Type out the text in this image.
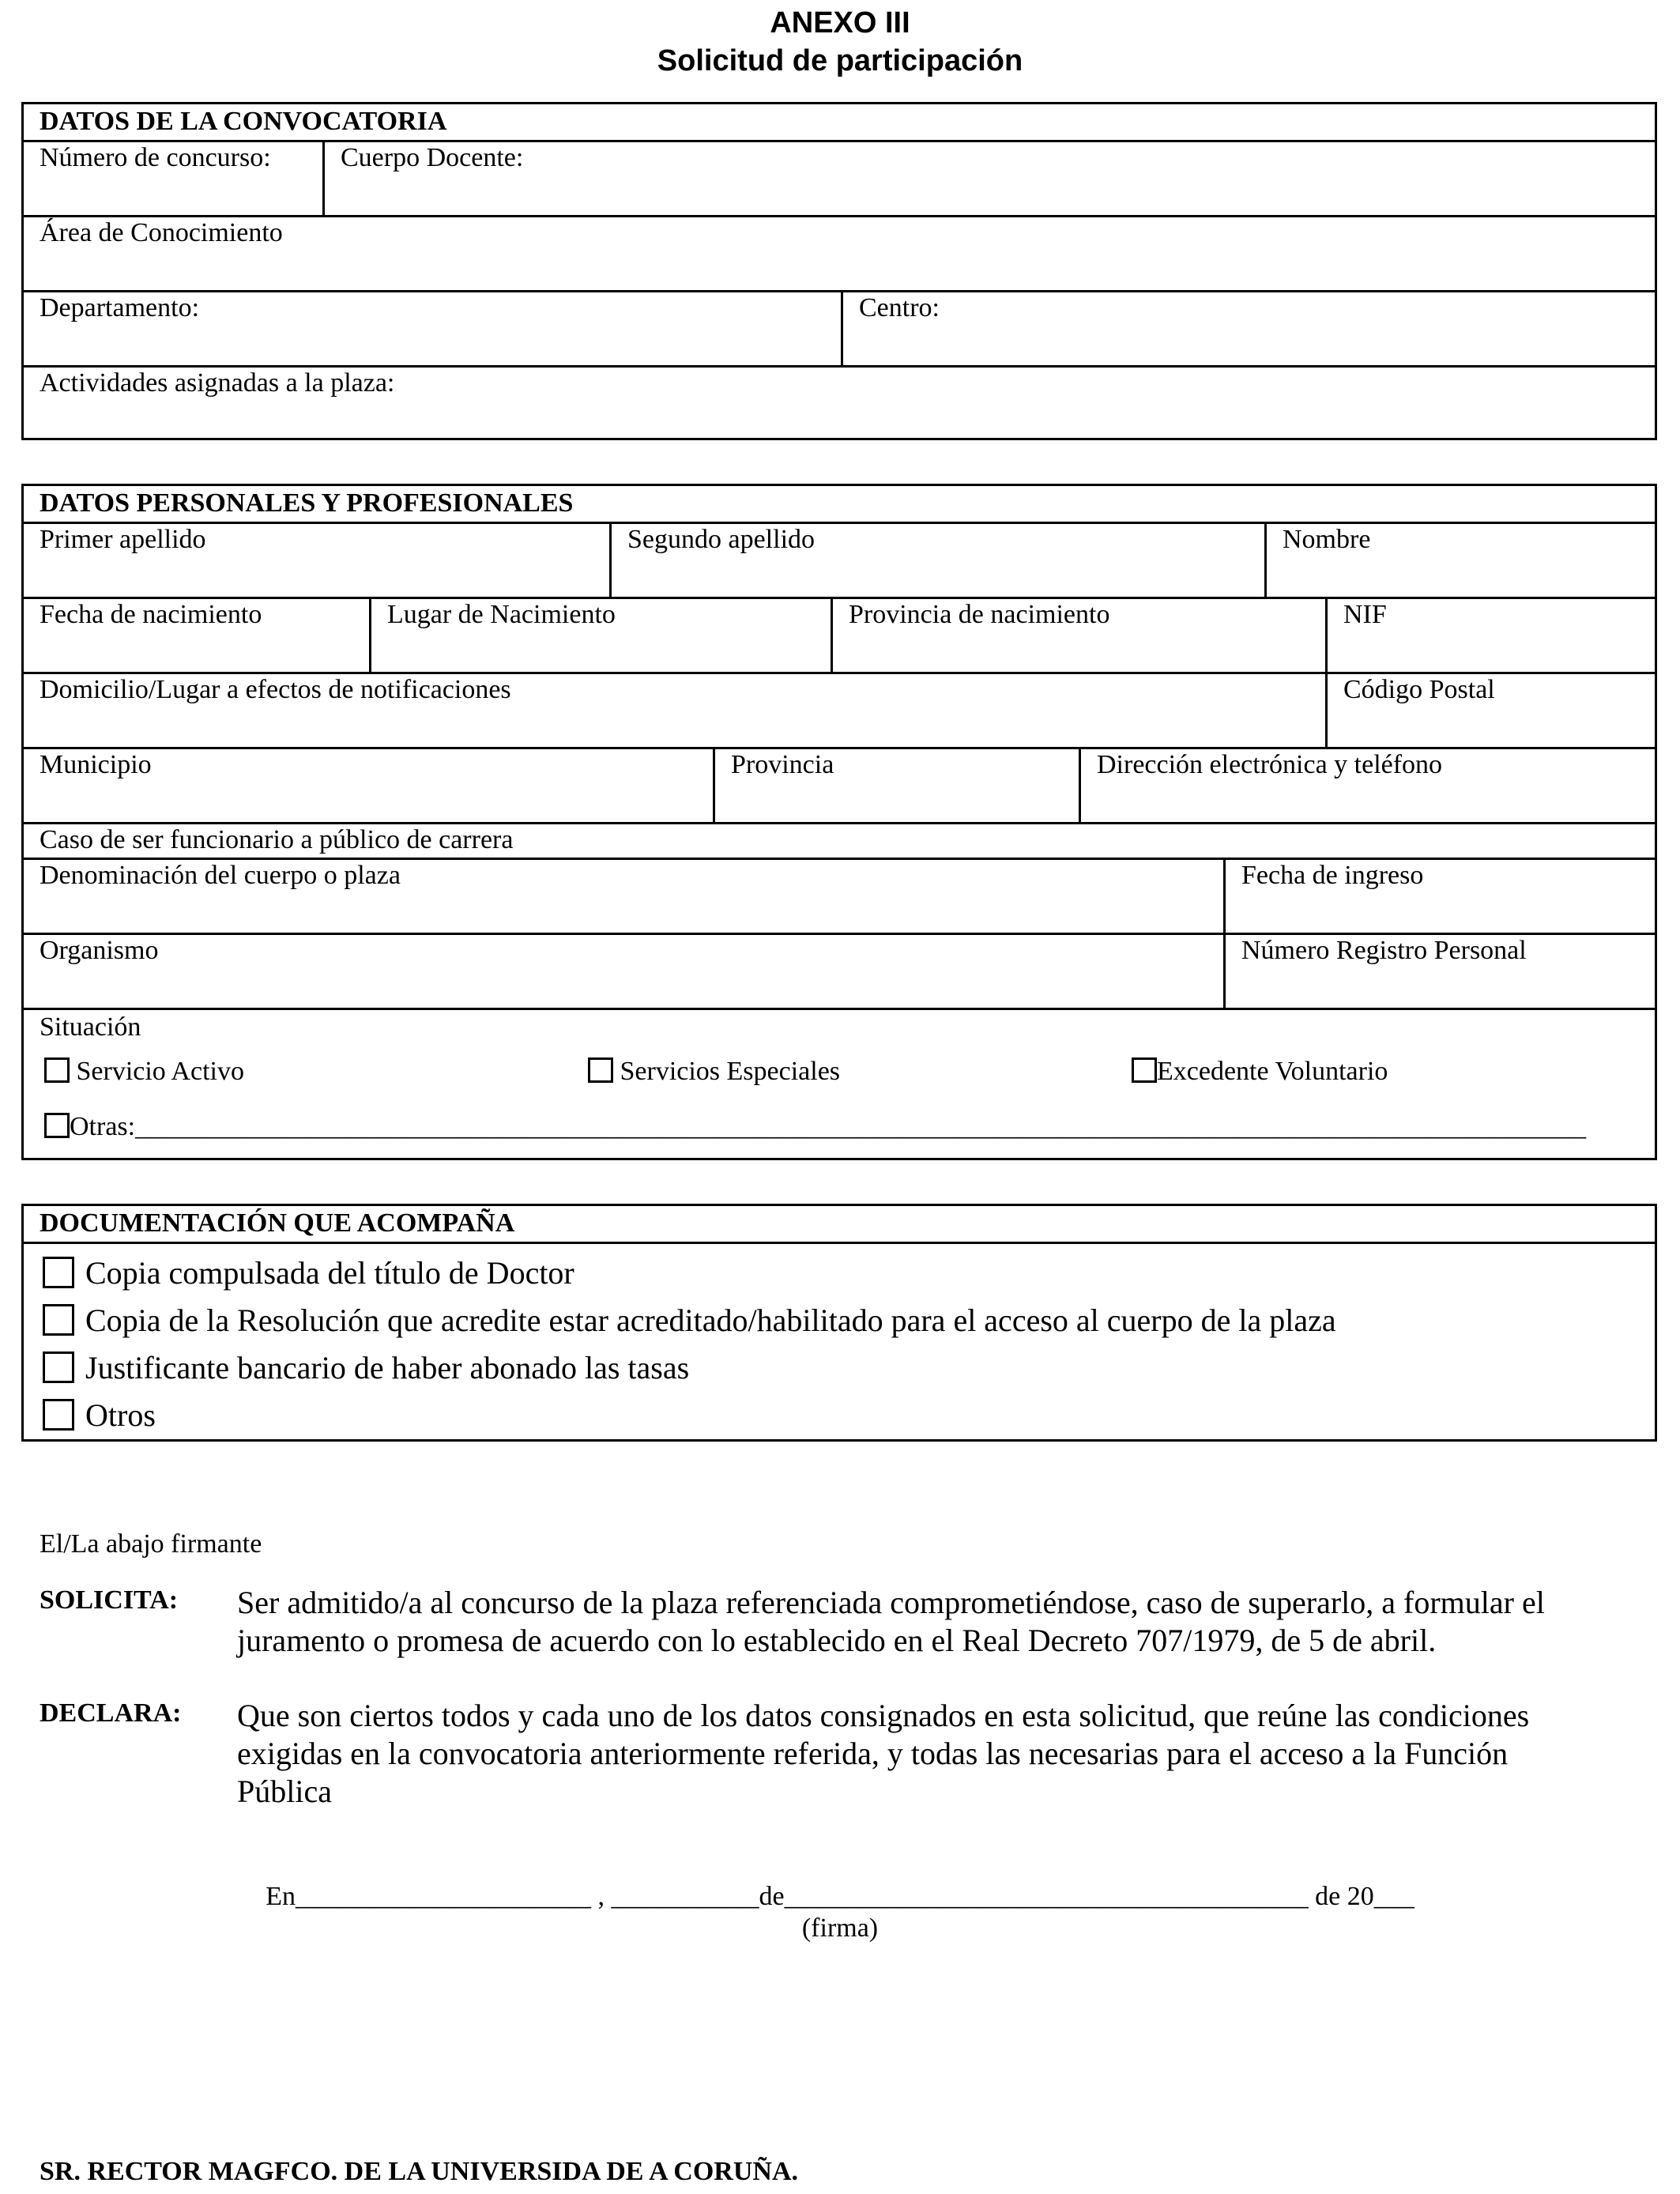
ANEXO III
Solicitud de participación
DATOS DE LA CONVOCATORIA
Número de concurso:	Cuerpo Docente:
Área de Conocimiento
Departamento:	Centro:
Actividades asignadas a la plaza:
DATOS PERSONALES Y PROFESIONALES
Primer apellido	Segundo apellido	Nombre
Fecha de nacimiento	Lugar de Nacimiento	Provincia de nacimiento	NIF
Domicilio/Lugar a efectos de notificaciones	Código Postal
Municipio	Provincia	Dirección electrónica y teléfono
Caso de ser funcionario a público de carrera
Denominación del cuerpo o plaza	Fecha de ingreso
Organismo	Número Registro Personal
Situación
Servicio Activo	Servicios Especiales	Excedente Voluntario
Otras:____________________________________________________________________________________________________________
DOCUMENTACIÓN QUE ACOMPAÑA
Copia compulsada del título de Doctor
Copia de la Resolución que acredite estar acreditado/habilitado para el acceso al cuerpo de la plaza
Justificante bancario de haber abonado las tasas
Otros
El/La abajo firmante
SOLICITA: Ser admitido/a al concurso de la plaza referenciada comprometiéndose, caso de superarlo, a formular el
juramento o promesa de acuerdo con lo establecido en el Real Decreto 707/1979, de 5 de abril.
DECLARA: Que son ciertos todos y cada uno de los datos consignados en esta solicitud, que reúne las condiciones
exigidas en la convocatoria anteriormente referida, y todas las necesarias para el acceso a la Función
Pública
En______________________ , ___________de_______________________________________ de 20___
(firma)
SR. RECTOR MAGFCO. DE LA UNIVERSIDA DE A CORUÑA.
